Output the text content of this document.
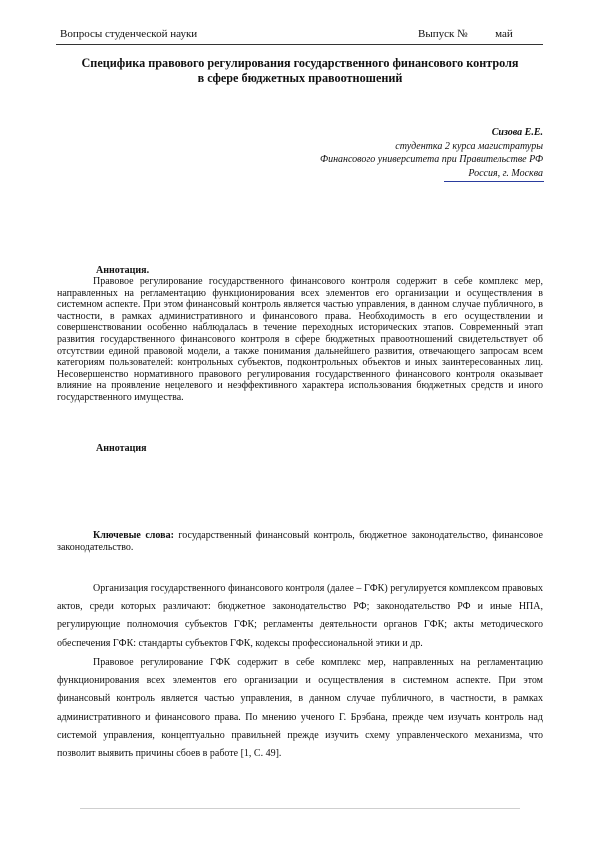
Вопросы студенческой науки	Выпуск №          май
Специфика правового регулирования государственного финансового контроля
в сфере бюджетных правоотношений
Сизова Е.Е.
студентка 2 курса магистратуры
Финансового университета при Правительстве РФ
Россия, г. Москва
Аннотация.
Правовое регулирование государственного финансового контроля содержит в себе комплекс мер, направленных на регламентацию функционирования всех элементов его организации и осуществления в системном аспекте. При этом финансовый контроль является частью управления, в данном случае публичного, в частности, в рамках административного и финансового права. Необходимость в его осуществлении и совершенствовании особенно наблюдалась в течение переходных исторических этапов. Современный этап развития государственного финансового контроля в сфере бюджетных правоотношений свидетельствует об отсутствии единой правовой модели, а также понимания дальнейшего развития, отвечающего запросам всем категориям пользователей: контрольных субъектов, подконтрольных объектов и иных заинтересованных лиц. Несовершенство нормативного правового регулирования государственного финансового контроля оказывает влияние на проявление нецелевого и неэффективного характера использования бюджетных средств и иного государственного имущества.
Аннотация
Ключевые слова: государственный финансовый контроль, бюджетное законодательство, финансовое законодательство.
Организация государственного финансового контроля (далее – ГФК) регулируется комплексом правовых актов, среди которых различают: бюджетное законодательство РФ; законодательство РФ и иные НПА, регулирующие полномочия субъектов ГФК; регламенты деятельности органов ГФК; акты методического обеспечения ГФК: стандарты субъектов ГФК, кодексы профессиональной этики и др.
Правовое регулирование ГФК содержит в себе комплекс мер, направленных на регламентацию функционирования всех элементов его организации и осуществления в системном аспекте. При этом финансовый контроль является частью управления, в данном случае публичного, в частности, в рамках административного и финансового права. По мнению ученого Г. Брэбана, прежде чем изучать контроль над системой управления, концептуально правильней прежде изучить схему управленческого механизма, что позволит выявить причины сбоев в работе [1, С. 49].
